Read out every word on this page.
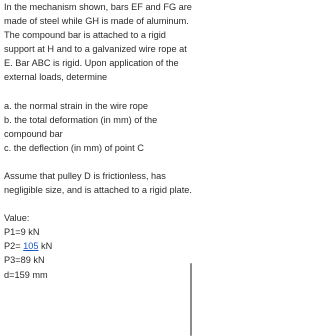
In the mechanism shown, bars EF and FG are made of steel while GH is made of aluminum. The compound bar is attached to a rigid support at H and to a galvanized wire rope at E. Bar ABC is rigid. Upon application of the external loads, determine

a. the normal strain in the wire rope

b. the total deformation (in mm) of the compound bar

c. the deflection (in mm) of point C

Assume that pulley D is frictionless, has negligible size, and is attached to a rigid plate.

Value:

P1=9 kN

P2= 105 kN

P3=89 kN

d=159 mm
